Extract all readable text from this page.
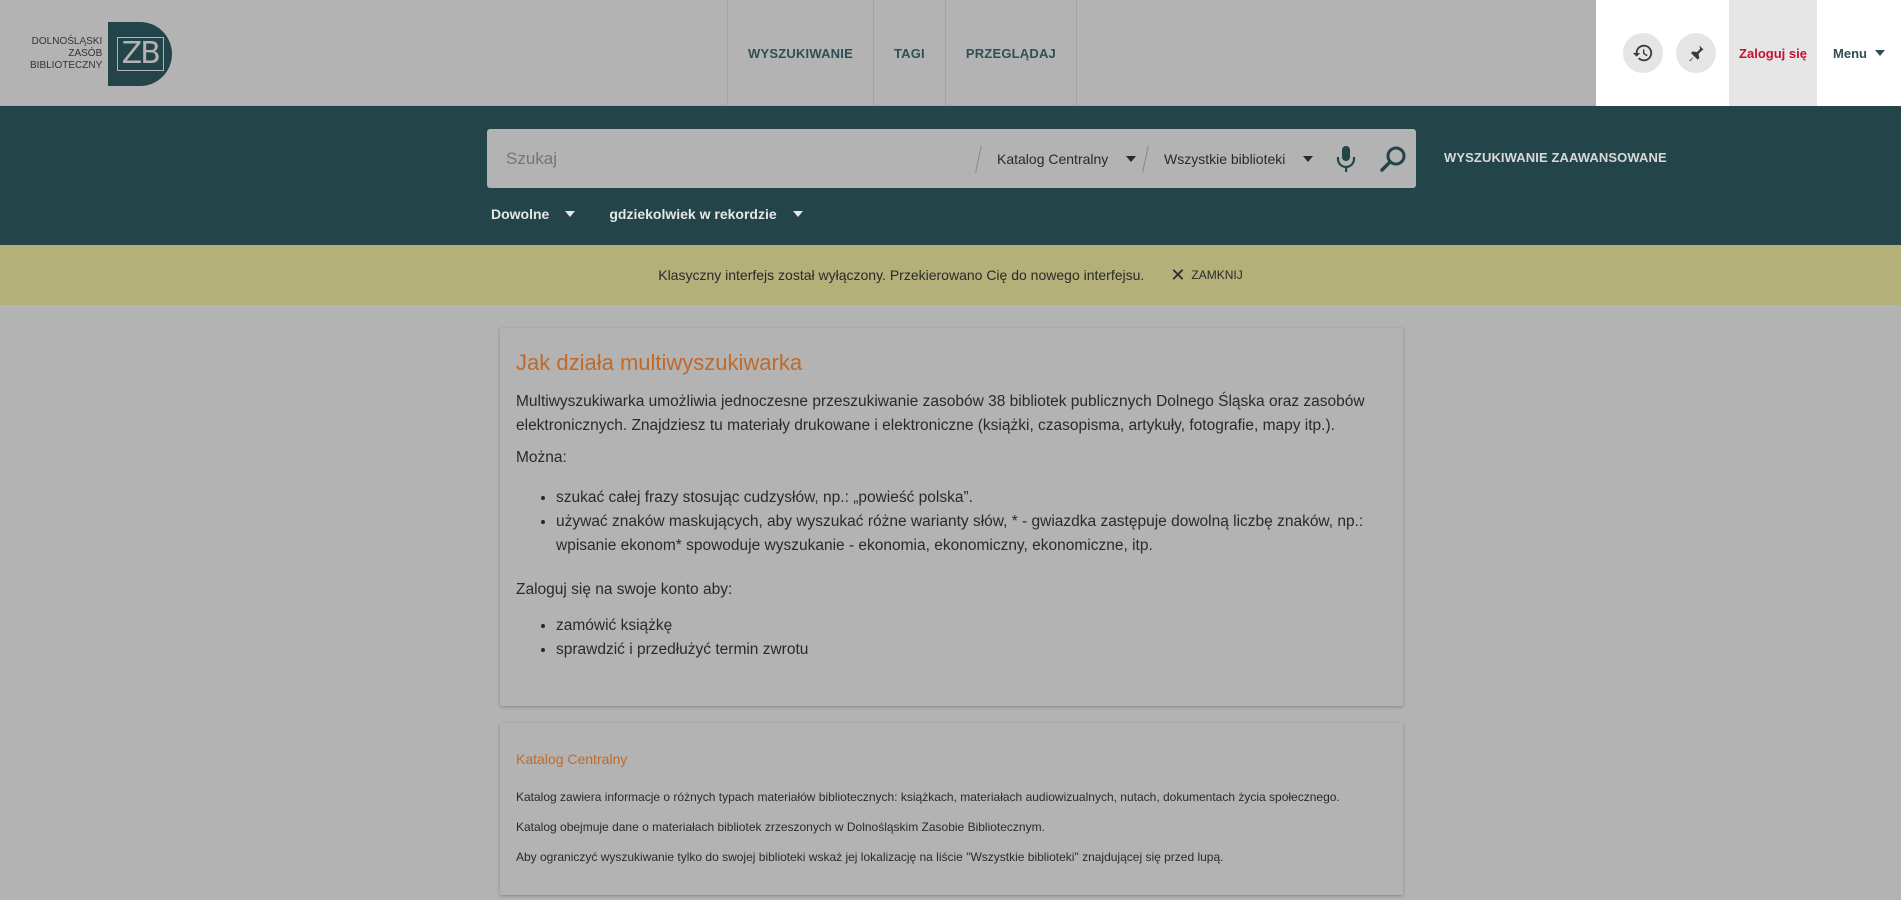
DOLNOŚLĄSKI
ZASÓB
BIBLIOTECZNY ZB	WYSZUKIWANIE	TAGI	PRZEGLĄDAJ	Zaloguj się	Menu
Szukaj
Katalog Centralny	Wszystkie biblioteki	WYSZUKIWANIE ZAAWANSOWANE
Dowolne	gdziekolwiek w rekordzie
Klasyczny interfejs został wyłączony. Przekierowano Cię do nowego interfejsu. ✕ ZAMKNIJ
Jak działa multiwyszukiwarka

Multiwyszukiwarka umożliwia jednoczesne przeszukiwanie zasobów 38 bibliotek publicznych Dolnego Śląska oraz zasobów elektronicznych. Znajdziesz tu materiały drukowane i elektroniczne (książki, czasopisma, artykuły, fotografie, mapy itp.).

Można:

• szukać całej frazy stosując cudzysłów, np.: „powieść polska”.
• używać znaków maskujących, aby wyszukać różne warianty słów, * - gwiazdka zastępuje dowolną liczbę znaków, np.: wpisanie ekonom* spowoduje wyszukanie - ekonomia, ekonomiczny, ekonomiczne, itp.

Zaloguj się na swoje konto aby:

• zamówić książkę
• sprawdzić i przedłużyć termin zwrotu
Katalog Centralny

Katalog zawiera informacje o różnych typach materiałów bibliotecznych: książkach, materiałach audiowizualnych, nutach, dokumentach życia społecznego.

Katalog obejmuje dane o materiałach bibliotek zrzeszonych w Dolnośląskim Zasobie Bibliotecznym.

Aby ograniczyć wyszukiwanie tylko do swojej biblioteki wskaż jej lokalizację na liście "Wszystkie biblioteki" znajdującej się przed lupą.
